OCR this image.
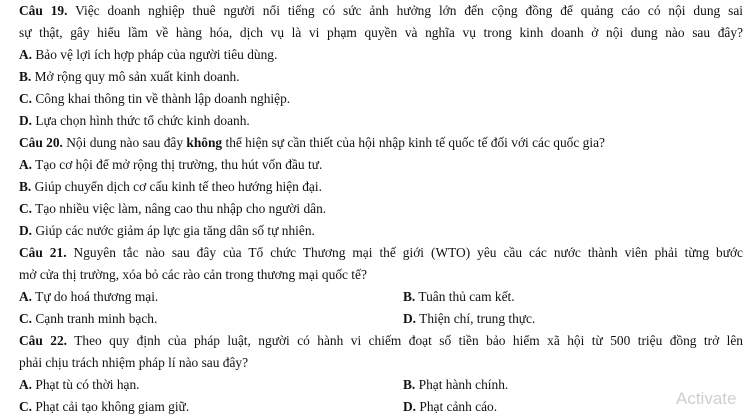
Câu 19. Việc doanh nghiệp thuê người nổi tiếng có sức ảnh hưởng lớn đến cộng đồng để quảng cáo có nội dung sai
sự thật, gây hiểu lầm về hàng hóa, dịch vụ là vi phạm quyền và nghĩa vụ trong kinh doanh ở nội dung nào sau đây?
A. Bảo vệ lợi ích hợp pháp của người tiêu dùng.
B. Mở rộng quy mô sản xuất kinh doanh.
C. Công khai thông tin về thành lập doanh nghiệp.
D. Lựa chọn hình thức tổ chức kinh doanh.
Câu 20. Nội dung nào sau đây không thể hiện sự cần thiết của hội nhập kinh tế quốc tế đối với các quốc gia?
A. Tạo cơ hội để mở rộng thị trường, thu hút vốn đầu tư.
B. Giúp chuyển dịch cơ cấu kinh tế theo hướng hiện đại.
C. Tạo nhiều việc làm, nâng cao thu nhập cho người dân.
D. Giúp các nước giảm áp lực gia tăng dân số tự nhiên.
Câu 21. Nguyên tắc nào sau đây của Tổ chức Thương mại thế giới (WTO) yêu cầu các nước thành viên phải từng bước
mở cửa thị trường, xóa bỏ các rào cản trong thương mại quốc tế?
A. Tự do hoá thương mại.	B. Tuân thủ cam kết.
C. Cạnh tranh minh bạch.	D. Thiện chí, trung thực.
Câu 22. Theo quy định của pháp luật, người có hành vi chiếm đoạt số tiền bảo hiểm xã hội từ 500 triệu đồng trở lên
phải chịu trách nhiệm pháp lí nào sau đây?
A. Phạt tù có thời hạn.	B. Phạt hành chính.
C. Phạt cải tạo không giam giữ.	D. Phạt cảnh cáo.	Activate
